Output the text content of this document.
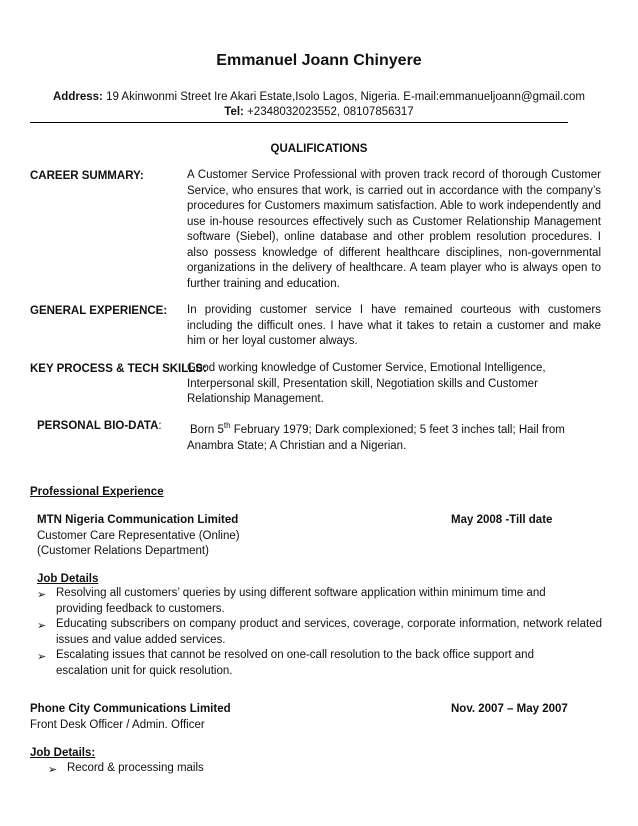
Emmanuel Joann Chinyere
Address: 19 Akinwonmi Street Ire Akari Estate,Isolo Lagos, Nigeria. E-mail:emmanueljoann@gmail.com
Tel: +2348032023552, 08107856317
QUALIFICATIONS
CAREER SUMMARY:	A Customer Service Professional with proven track record of thorough Customer Service, who ensures that work, is carried out in accordance with the company’s procedures for Customers maximum satisfaction. Able to work independently and use in-house resources effectively such as Customer Relationship Management software (Siebel), online database and other problem resolution procedures. I also possess knowledge of different healthcare disciplines, non-governmental organizations in the delivery of healthcare. A team player who is always open to further training and education.
GENERAL EXPERIENCE: In providing customer service I have remained courteous with customers including the difficult ones. I have what it takes to retain a customer and make him or her loyal customer always.
KEY PROCESS & TECH SKILLS:
Good working knowledge of Customer Service, Emotional Intelligence, Interpersonal skill, Presentation skill, Negotiation skills and Customer Relationship Management.
PERSONAL BIO-DATA: Born 5th February 1979; Dark complexioned; 5 feet 3 inches tall; Hail from
Anambra State; A Christian and a Nigerian.
Professional Experience
MTN Nigeria Communication Limited	May 2008 -Till date
Customer Care Representative (Online)
(Customer Relations Department)
Job Details
➢ Resolving all customers’ queries by using different software application within minimum time and providing feedback to customers.
➢ Educating subscribers on company product and services, coverage, corporate information, network related issues and value added services.
➢ Escalating issues that cannot be resolved on one-call resolution to the back office support and escalation unit for quick resolution.
Phone City Communications Limited	Nov. 2007 – May 2007
Front Desk Officer / Admin. Officer
Job Details:
➢ Record & processing mails
